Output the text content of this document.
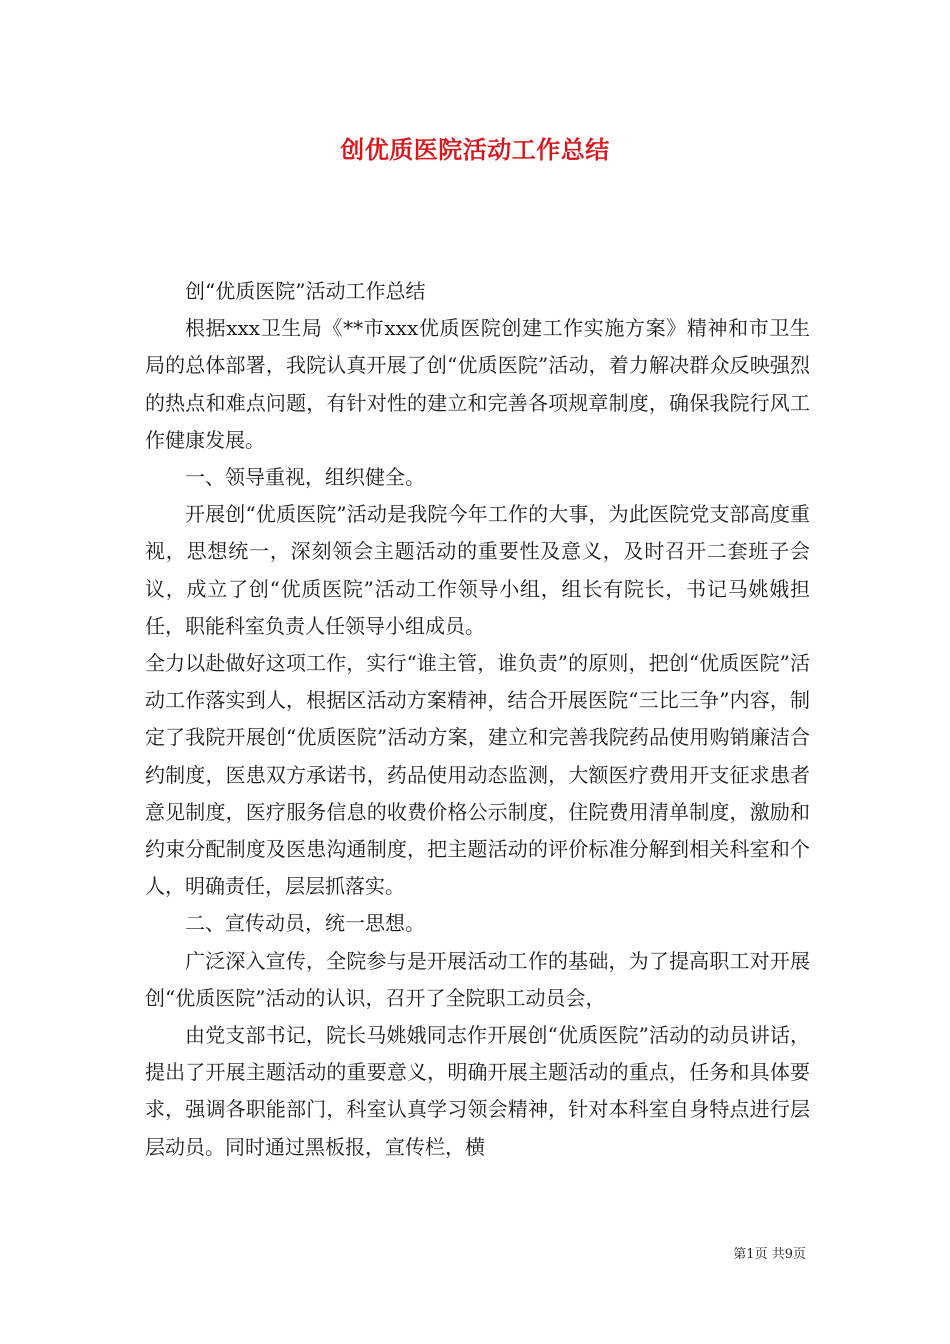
创优质医院活动工作总结

创“优质医院”活动工作总结

根据xxx卫生局《**市xxx优质医院创建工作实施方案》精神和市卫生局的总体部署，我院认真开展了创“优质医院”活动，着力解决群众反映强烈的热点和难点问题，有针对性的建立和完善各项规章制度，确保我院行风工作健康发展。

一、领导重视，组织健全。

开展创“优质医院”活动是我院今年工作的大事，为此医院党支部高度重视，思想统一，深刻领会主题活动的重要性及意义，及时召开二套班子会议，成立了创“优质医院”活动工作领导小组，组长有院长，书记马姚娥担任，职能科室负责人任领导小组成员。

全力以赴做好这项工作，实行“谁主管，谁负责”的原则，把创“优质医院”活动工作落实到人，根据区活动方案精神，结合开展医院“三比三争”内容，制定了我院开展创“优质医院”活动方案，建立和完善我院药品使用购销廉洁合约制度，医患双方承诺书，药品使用动态监测，大额医疗费用开支征求患者意见制度，医疗服务信息的收费价格公示制度，住院费用清单制度，激励和约束分配制度及医患沟通制度，把主题活动的评价标准分解到相关科室和个人，明确责任，层层抓落实。

二、宣传动员，统一思想。

广泛深入宣传，全院参与是开展活动工作的基础，为了提高职工对开展创“优质医院”活动的认识，召开了全院职工动员会，

由党支部书记，院长马姚娥同志作开展创“优质医院”活动的动员讲话，提出了开展主题活动的重要意义，明确开展主题活动的重点，任务和具体要求，强调各职能部门，科室认真学习领会精神，针对本科室自身特点进行层层动员。同时通过黑板报，宣传栏，横

第1页 共9页
